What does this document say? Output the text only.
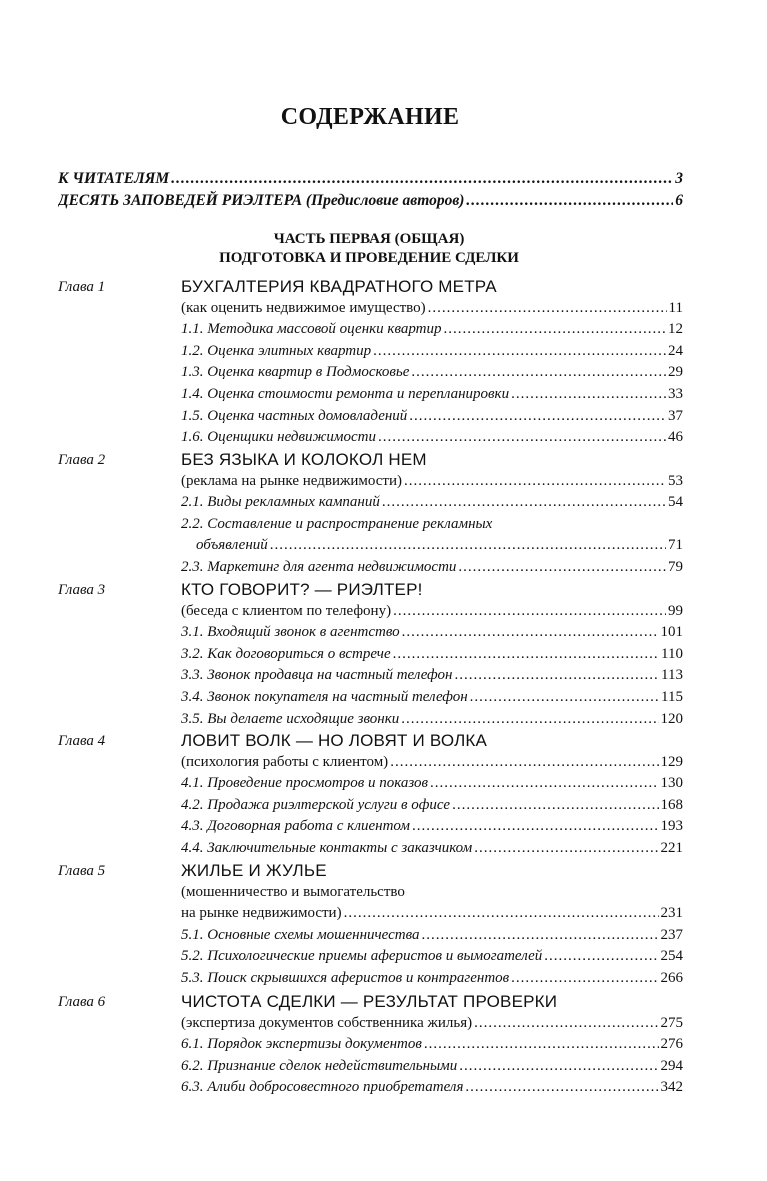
СОДЕРЖАНИЕ
К ЧИТАТЕЛЯМ .....	3
ДЕСЯТЬ ЗАПОВЕДЕЙ РИЭЛТЕРА (Предисловие авторов) .....	6
ЧАСТЬ ПЕРВАЯ (ОБЩАЯ)
ПОДГОТОВКА И ПРОВЕДЕНИЕ СДЕЛКИ
Глава 1	БУХГАЛТЕРИЯ КВАДРАТНОГО МЕТРА
(как оценить недвижимое имущество) .....	11
1.1. Методика массовой оценки квартир .....	12
1.2. Оценка элитных квартир .....	24
1.3. Оценка квартир в Подмосковье .....	29
1.4. Оценка стоимости ремонта и перепланировки .....	33
1.5. Оценка частных домовладений .....	37
1.6. Оценщики недвижимости .....	46
Глава 2	БЕЗ ЯЗЫКА И КОЛОКОЛ НЕМ
(реклама на рынке недвижимости) .....	53
2.1. Виды рекламных кампаний .....	54
2.2. Составление и распространение рекламных
объявлений .....	71
2.3. Маркетинг для агента недвижимости .....	79
Глава 3	КТО ГОВОРИТ? — РИЭЛТЕР!
(беседа с клиентом по телефону) .....	99
3.1. Входящий звонок в агентство .....	101
3.2. Как договориться о встрече .....	110
3.3. Звонок продавца на частный телефон .....	113
3.4. Звонок покупателя на частный телефон .....	115
3.5. Вы делаете исходящие звонки .....	120
Глава 4	ЛОВИТ ВОЛК — НО ЛОВЯТ И ВОЛКА
(психология работы с клиентом) .....	129
4.1. Проведение просмотров и показов .....	130
4.2. Продажа риэлтерской услуги в офисе .....	168
4.3. Договорная работа с клиентом .....	193
4.4. Заключительные контакты с заказчиком .....	221
Глава 5	ЖИЛЬЕ И ЖУЛЬЕ
(мошенничество и вымогательство
на рынке недвижимости) .....	231
5.1. Основные схемы мошенничества .....	237
5.2. Психологические приемы аферистов и вымогателей .....	254
5.3. Поиск скрывшихся аферистов и контрагентов .....	266
Глава 6	ЧИСТОТА СДЕЛКИ — РЕЗУЛЬТАТ ПРОВЕРКИ
(экспертиза документов собственника жилья) .....	275
6.1. Порядок экспертизы документов .....	276
6.2. Признание сделок недействительными .....	294
6.3. Алиби добросовестного приобретателя .....	342
